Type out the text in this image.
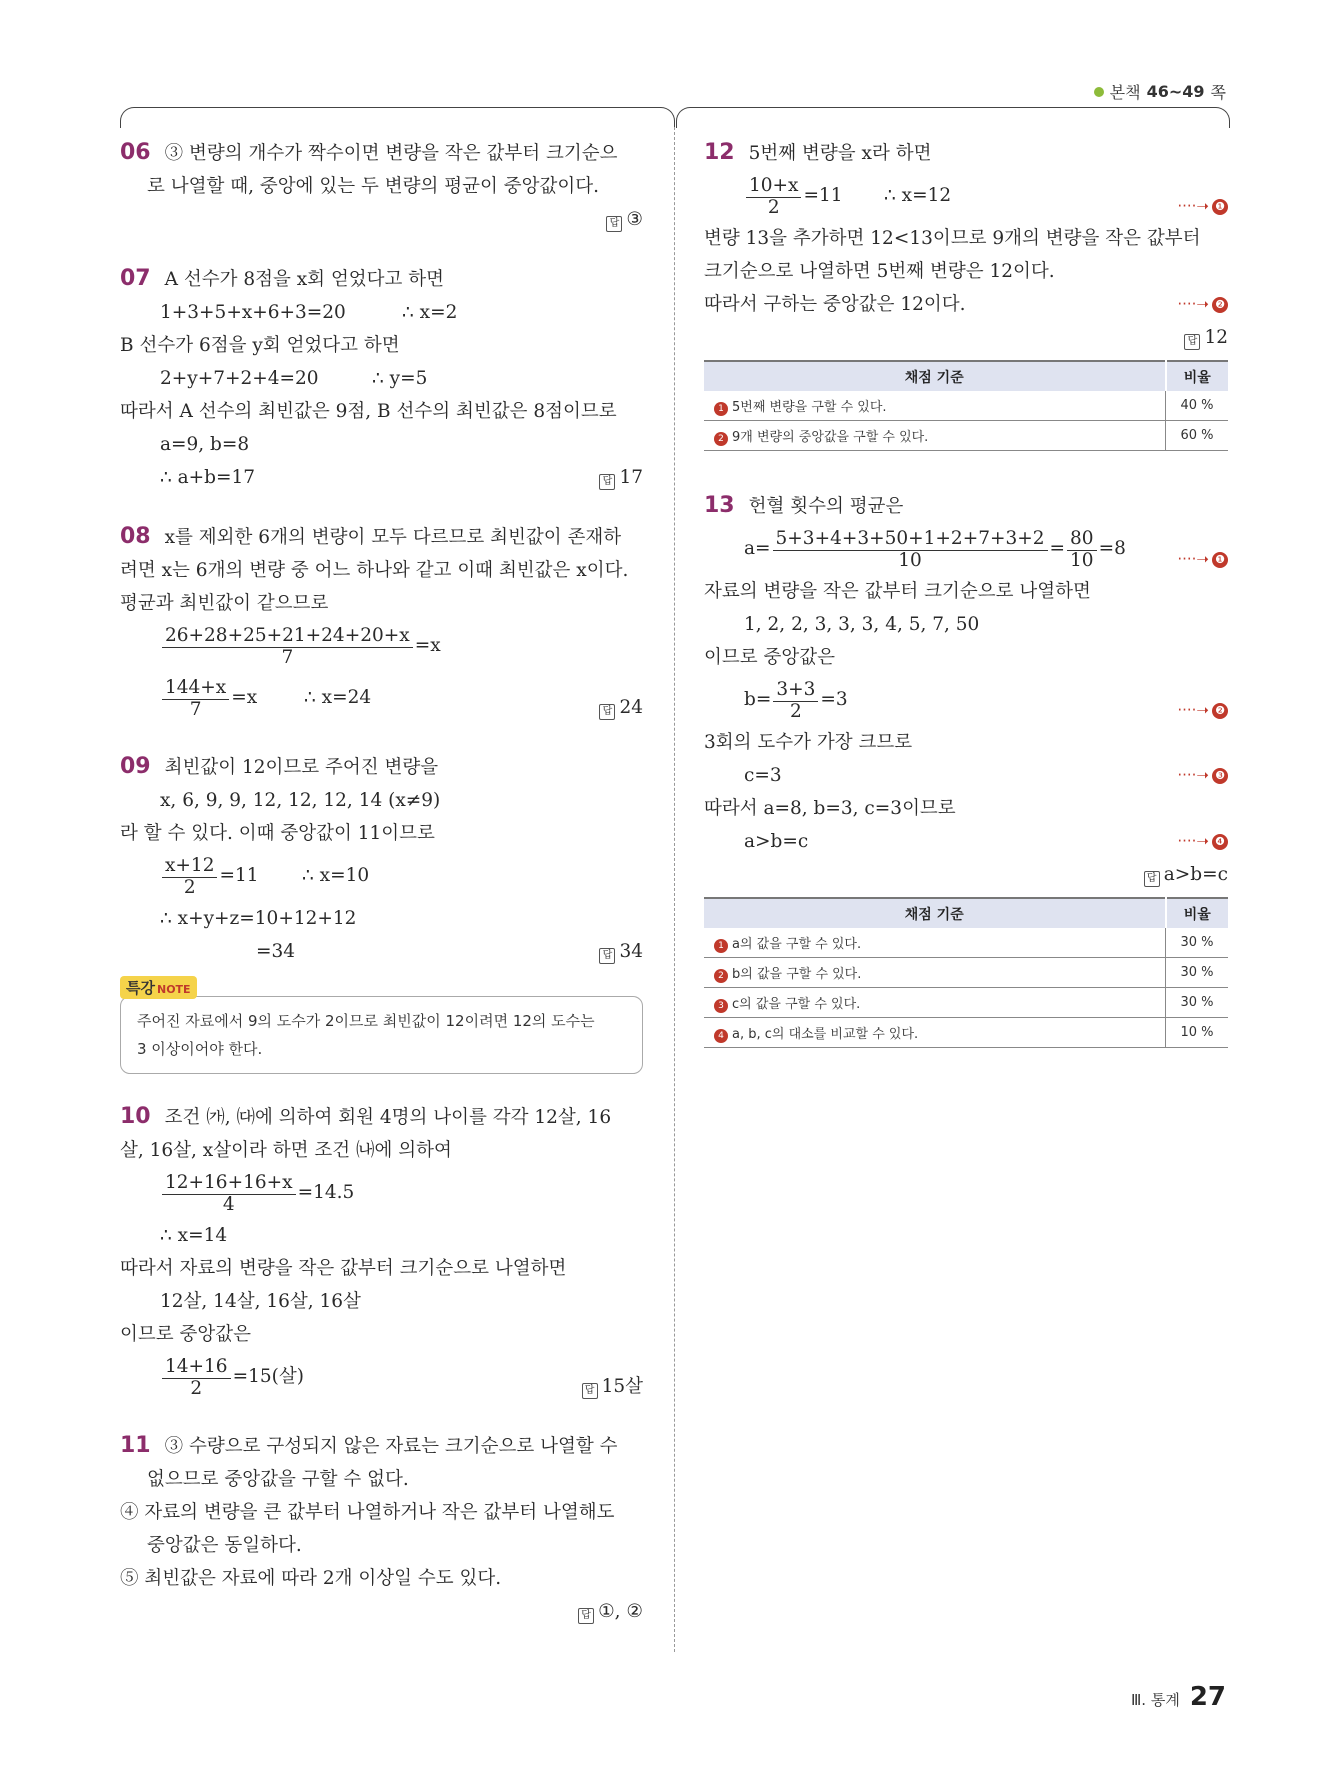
본책 46~49 쪽
06 ③ 변량의 개수가 짝수이면 변량을 작은 값부터 크기순으
로 나열할 때, 중앙에 있는 두 변량의 평균이 중앙값이다.
답 ③

07 A 선수가 8점을 x회 얻었다고 하면
1+3+5+x+6+3=20	∴ x=2
B 선수가 6점을 y회 얻었다고 하면
2+y+7+2+4=20	∴ y=5
따라서 A 선수의 최빈값은 9점, B 선수의 최빈값은 8점이므로
a=9, b=8
∴ a+b=17	답 17
08 x를 제외한 6개의 변량이 모두 다르므로 최빈값이 존재하
려면 x는 6개의 변량 중 어느 하나와 같고 이때 최빈값은 x이다.
평균과 최빈값이 같으므로
$\frac{26+28+25+21+24+20+x}{7} =x$
$\frac{144+x}{7} =x$	∴ x=24
답 24
09 최빈값이 12이므로 주어진 변량을
x, 6, 9, 9, 12, 12, 12, 14 (x≠9)
라 할 수 있다. 이때 중앙값이 11이므로
$\frac{x+12}{2} =11$ ∴ x=10
∴ x+y+z=10+12+12
=34	답 34
특강 NOTE
주어진 자료에서 9의 도수가 2이므로 최빈값이 12이려면 12의 도수는
3 이상이어야 한다.
10 조건 ㈎, ㈐에 의하여 회원 4명의 나이를 각각 12살, 16
살, 16살, x살이라 하면 조건 ㈏에 의하여
$\frac{12+16+16+x}{4} =14.5$
∴ x=14
따라서 자료의 변량을 작은 값부터 크기순으로 나열하면
12살, 14살, 16살, 16살
이므로 중앙값은
$\frac{14+16}{2} =15$(살)
답 15살
11 ③ 수량으로 구성되지 않은 자료는 크기순으로 나열할 수
없으므로 중앙값을 구할 수 없다.
④ 자료의 변량을 큰 값부터 나열하거나 작은 값부터 나열해도
중앙값은 동일하다.
⑤ 최빈값은 자료에 따라 2개 이상일 수도 있다.
답 ①, ②

12 5번째 변량을 x라 하면
$\frac{10+x}{2} =11$ ∴ x=12	····➝ ❶
변량 13을 추가하면 12<13이므로 9개의 변량을 작은 값부터
크기순으로 나열하면 5번째 변량은 12이다.
따라서 구하는 중앙값은 12이다.	····➝ ❷
답 12

채점 기준	비율
1 5번째 변량을 구할 수 있다.	40 %
2 9개 변량의 중앙값을 구할 수 있다.	60 %
13 헌혈 횟수의 평균은
$a= \frac{5+3+4+3+50+1+2+7+3+2}{10} = \frac{80}{10} =8$	····➝ ❶
자료의 변량을 작은 값부터 크기순으로 나열하면
1, 2, 2, 3, 3, 3, 4, 5, 7, 50
이므로 중앙값은
$b= \frac{3+3}{2} =3$	····➝ ❷
3회의 도수가 가장 크므로
c=3	····➝ ❸
따라서 a=8, b=3, c=3이므로
a>b=c	····➝ ❹
답 a>b=c

채점 기준	비율
1 a의 값을 구할 수 있다.	30 %
2 b의 값을 구할 수 있다.	30 %
3 c의 값을 구할 수 있다.	30 %
4 a, b, c의 대소를 비교할 수 있다.	10 %
Ⅲ. 통계 27
